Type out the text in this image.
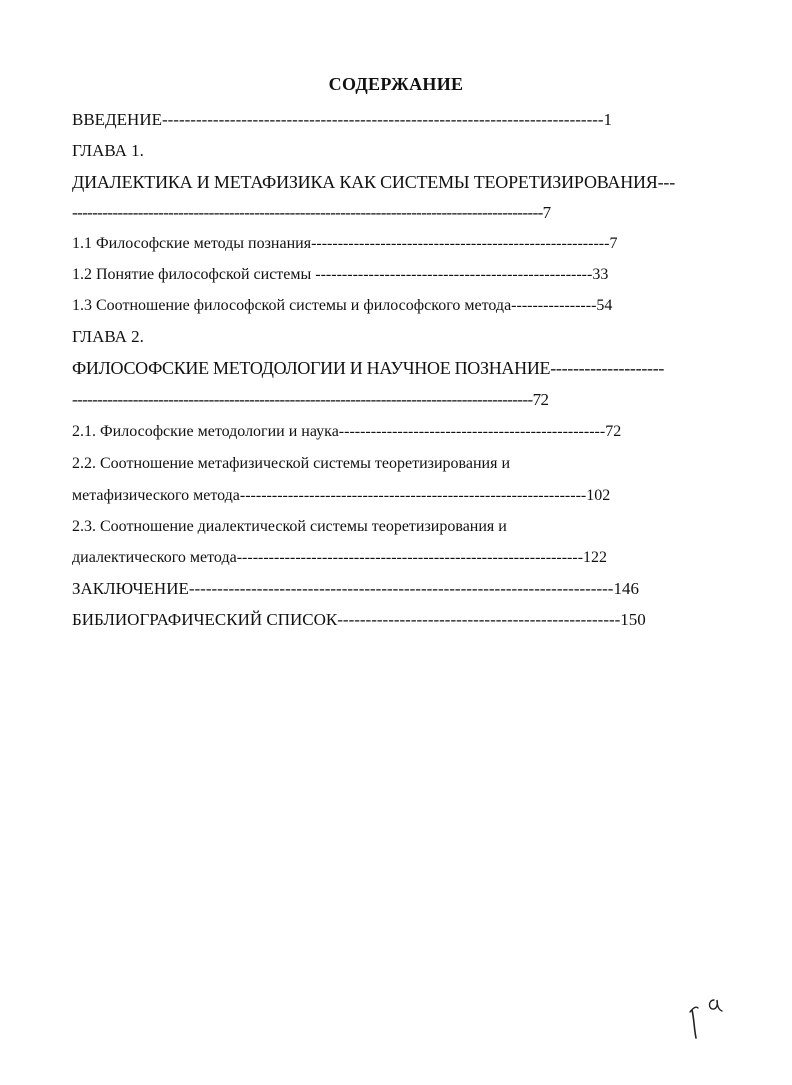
СОДЕРЖАНИЕ
ВВЕДЕНИЕ------------------------------------------------------------------------------1
ГЛАВА 1.
ДИАЛЕКТИКА И МЕТАФИЗИКА КАК СИСТЕМЫ ТЕОРЕТИЗИРОВАНИЯ---
---------------------------------------------------------------------------------------------7
1.1 Философские методы познания--------------------------------------------------------7
1.2 Понятие философской системы ----------------------------------------------------33
1.3 Соотношение философской системы и философского метода----------------54
ГЛАВА 2.
ФИЛОСОФСКИЕ МЕТОДОЛОГИИ И НАУЧНОЕ ПОЗНАНИЕ--------------------
-------------------------------------------------------------------------------------------72
2.1. Философские методологии и наука--------------------------------------------------72
2.2. Соотношение метафизической системы теоретизирования и
метафизического метода-----------------------------------------------------------------102
2.3. Соотношение диалектической системы теоретизирования и
диалектического метода-----------------------------------------------------------------122
ЗАКЛЮЧЕНИЕ---------------------------------------------------------------------------146
БИБЛИОГРАФИЧЕСКИЙ СПИСОК--------------------------------------------------150
